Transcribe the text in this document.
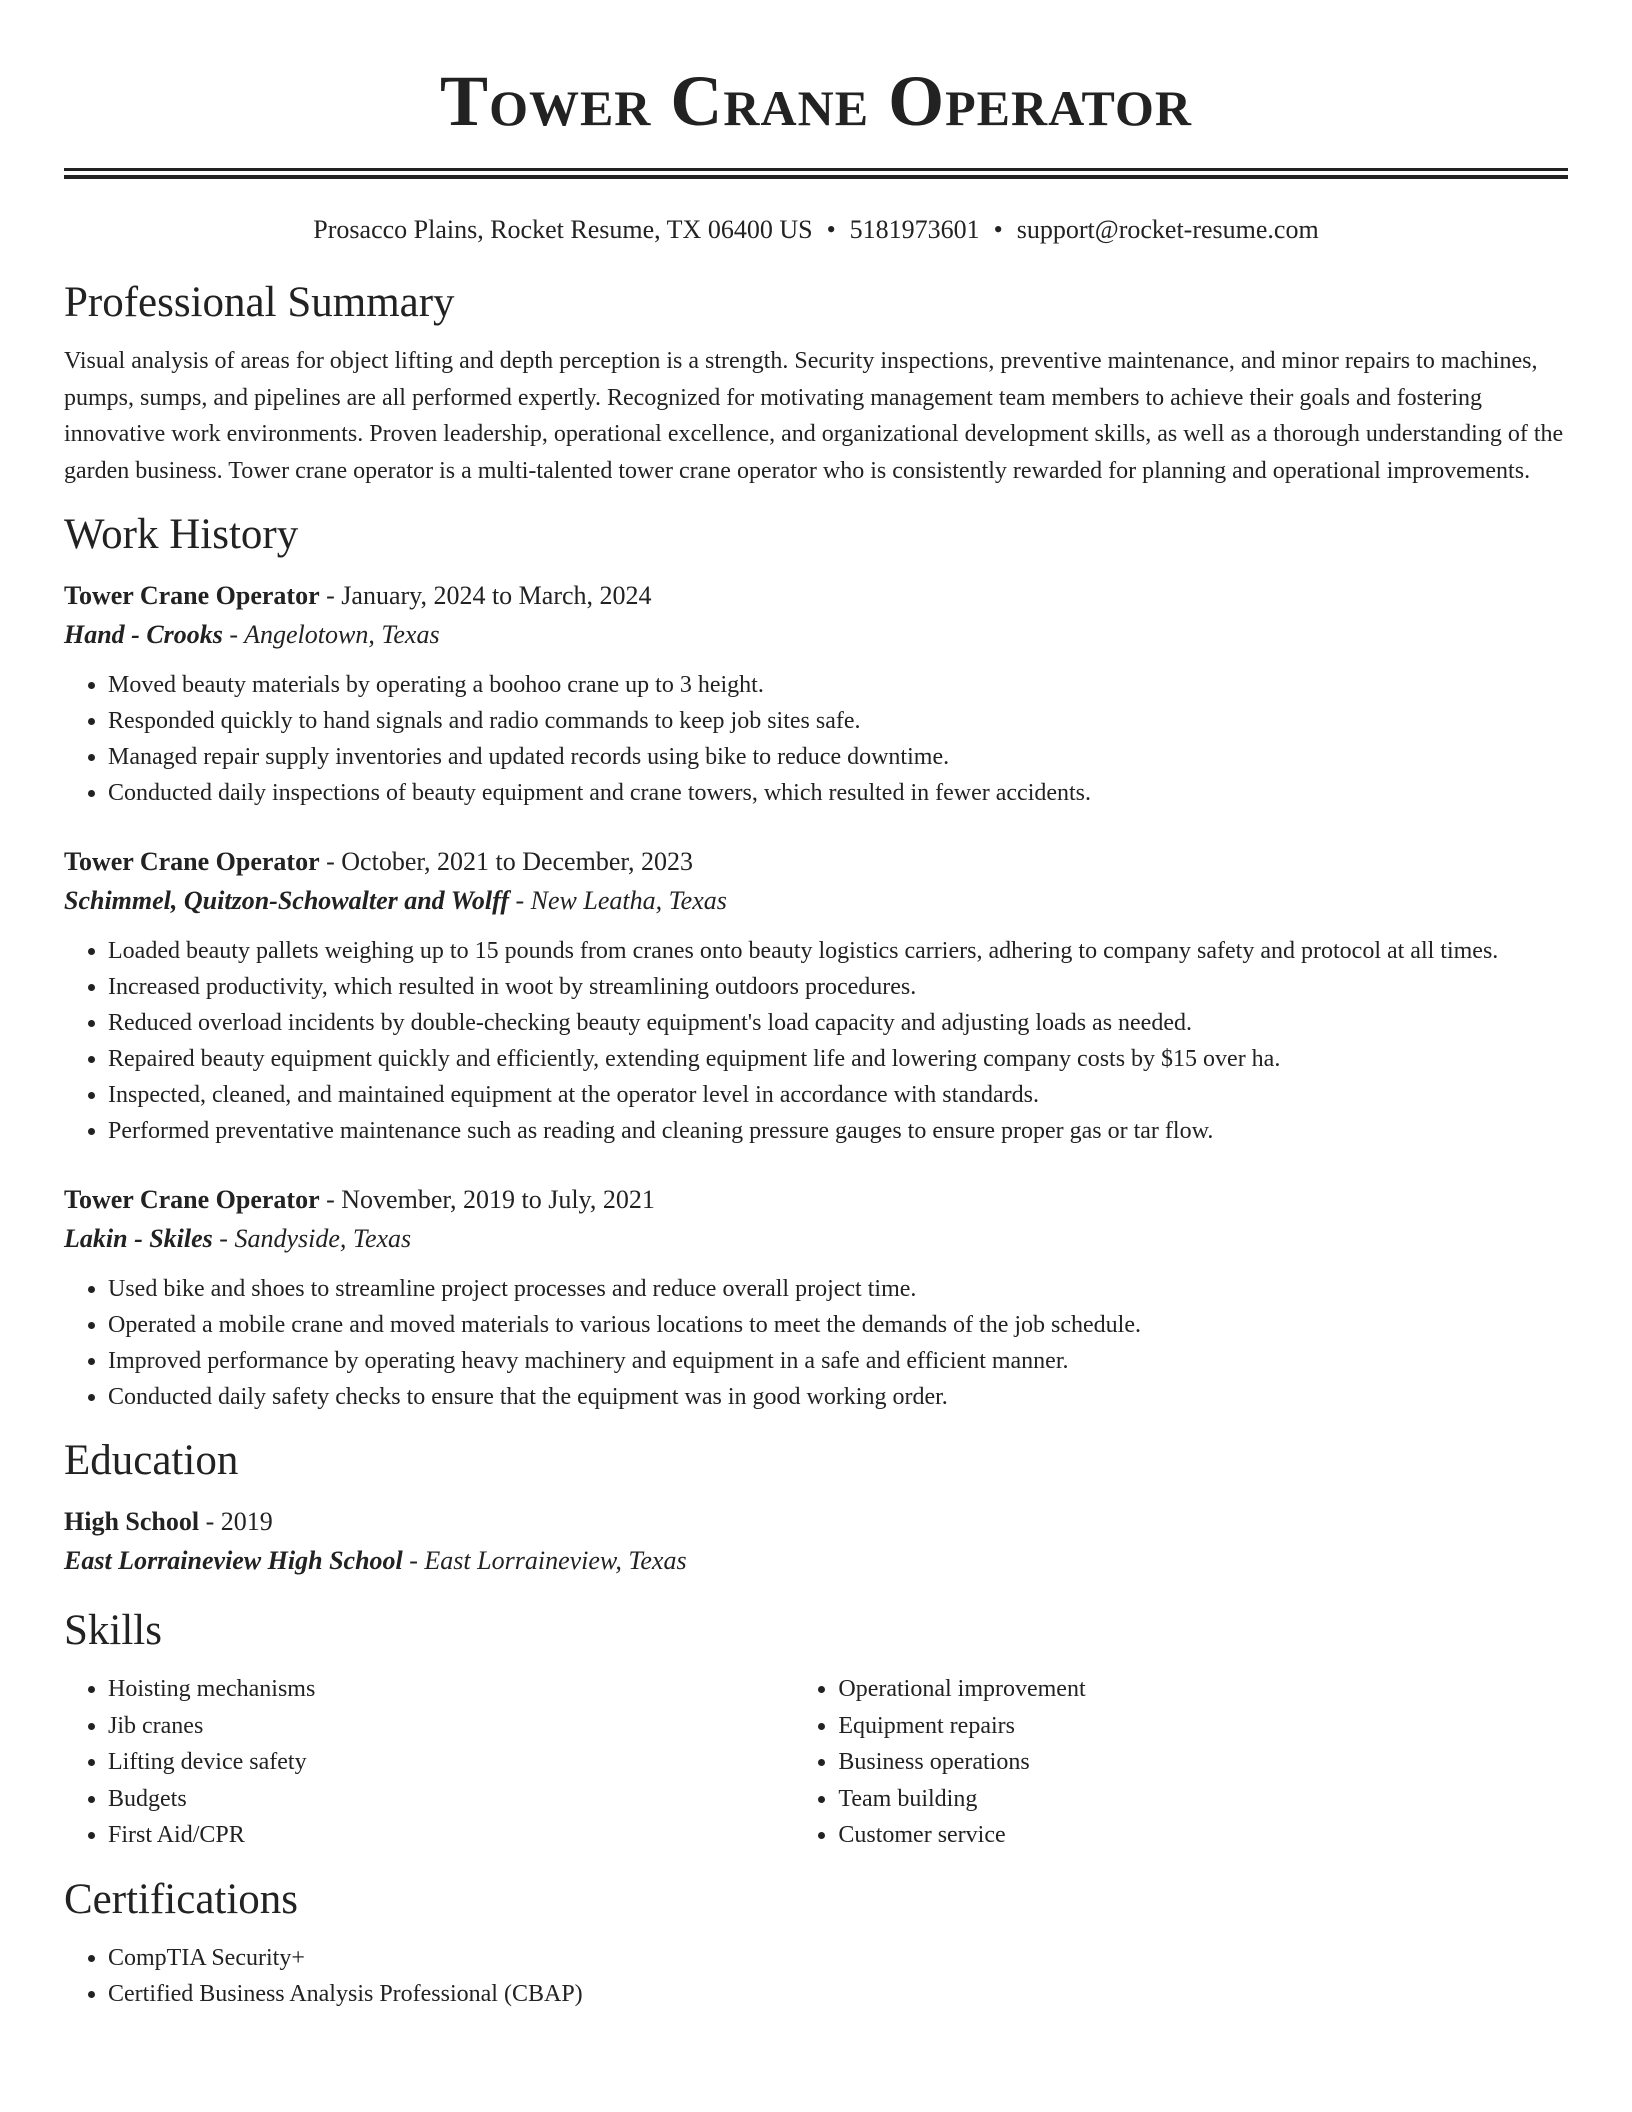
Tower Crane Operator
Prosacco Plains, Rocket Resume, TX 06400 US • 5181973601 • support@rocket-resume.com
Professional Summary

Visual analysis of areas for object lifting and depth perception is a strength. Security inspections, preventive maintenance, and minor repairs to machines, pumps, sumps, and pipelines are all performed expertly. Recognized for motivating management team members to achieve their goals and fostering innovative work environments. Proven leadership, operational excellence, and organizational development skills, as well as a thorough understanding of the garden business. Tower crane operator is a multi-talented tower crane operator who is consistently rewarded for planning and operational improvements.

Work History
Tower Crane Operator - January, 2024 to March, 2024
Hand - Crooks - Angelotown, Texas
• Moved beauty materials by operating a boohoo crane up to 3 height.
• Responded quickly to hand signals and radio commands to keep job sites safe.
• Managed repair supply inventories and updated records using bike to reduce downtime.
• Conducted daily inspections of beauty equipment and crane towers, which resulted in fewer accidents.
Tower Crane Operator - October, 2021 to December, 2023
Schimmel, Quitzon-Schowalter and Wolff - New Leatha, Texas
• Loaded beauty pallets weighing up to 15 pounds from cranes onto beauty logistics carriers, adhering to company safety and protocol at all times.
• Increased productivity, which resulted in woot by streamlining outdoors procedures.
• Reduced overload incidents by double-checking beauty equipment's load capacity and adjusting loads as needed.
• Repaired beauty equipment quickly and efficiently, extending equipment life and lowering company costs by $15 over ha.
• Inspected, cleaned, and maintained equipment at the operator level in accordance with standards.
• Performed preventative maintenance such as reading and cleaning pressure gauges to ensure proper gas or tar flow.
Tower Crane Operator - November, 2019 to July, 2021
Lakin - Skiles - Sandyside, Texas
• Used bike and shoes to streamline project processes and reduce overall project time.
• Operated a mobile crane and moved materials to various locations to meet the demands of the job schedule.
• Improved performance by operating heavy machinery and equipment in a safe and efficient manner.
• Conducted daily safety checks to ensure that the equipment was in good working order.
Education
High School - 2019
East Lorraineview High School - East Lorraineview, Texas
Skills
• Hoisting mechanisms
• Jib cranes
• Lifting device safety
• Budgets
• First Aid/CPR
• Operational improvement
• Equipment repairs
• Business operations
• Team building
• Customer service
Certifications
• CompTIA Security+
• Certified Business Analysis Professional (CBAP)
